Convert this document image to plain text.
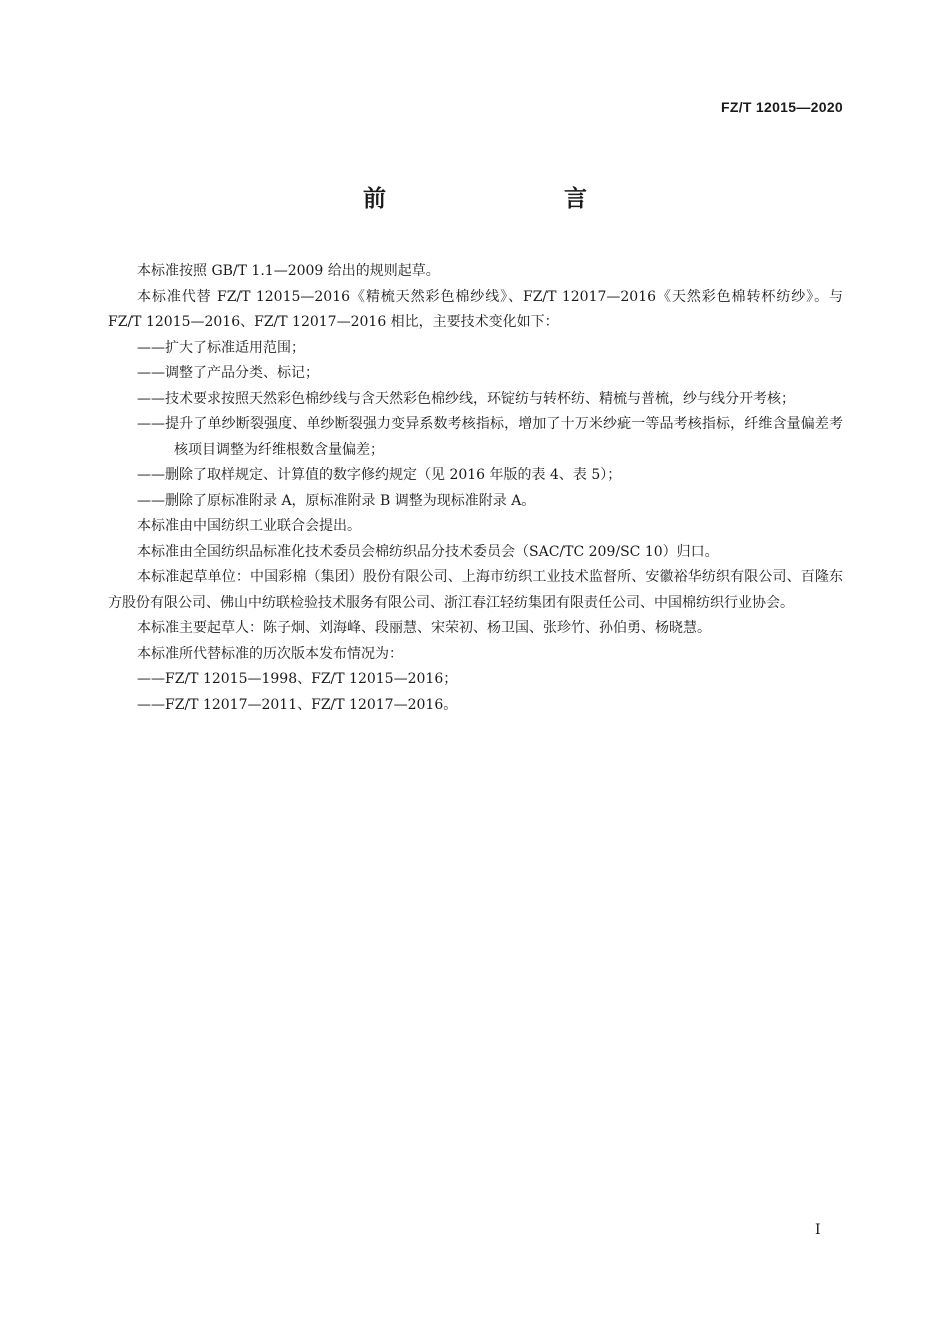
FZ/T 12015—2020
前　　言

本标准按照 GB/T 1.1—2009 给出的规则起草。

本标准代替 FZ/T 12015—2016《精梳天然彩色棉纱线》、FZ/T 12017—2016《天然彩色棉转杯纺纱》。与 FZ/T 12015—2016、FZ/T 12017—2016 相比，主要技术变化如下：

——扩大了标准适用范围；

——调整了产品分类、标记；

——技术要求按照天然彩色棉纱线与含天然彩色棉纱线，环锭纺与转杯纺、精梳与普梳，纱与线分开考核；

——提升了单纱断裂强度、单纱断裂强力变异系数考核指标，增加了十万米纱疵一等品考核指标，纤维含量偏差考核项目调整为纤维根数含量偏差；

——删除了取样规定、计算值的数字修约规定（见 2016 年版的表 4、表 5）；

——删除了原标准附录 A，原标准附录 B 调整为现标准附录 A。

本标准由中国纺织工业联合会提出。

本标准由全国纺织品标准化技术委员会棉纺织品分技术委员会（SAC/TC 209/SC 10）归口。

本标准起草单位：中国彩棉（集团）股份有限公司、上海市纺织工业技术监督所、安徽裕华纺织有限公司、百隆东方股份有限公司、佛山中纺联检验技术服务有限公司、浙江春江轻纺集团有限责任公司、中国棉纺织行业协会。

本标准主要起草人：陈子炯、刘海峰、段丽慧、宋荣初、杨卫国、张珍竹、孙伯勇、杨晓慧。

本标准所代替标准的历次版本发布情况为：

——FZ/T 12015—1998、FZ/T 12015—2016；

——FZ/T 12017—2011、FZ/T 12017—2016。

I
